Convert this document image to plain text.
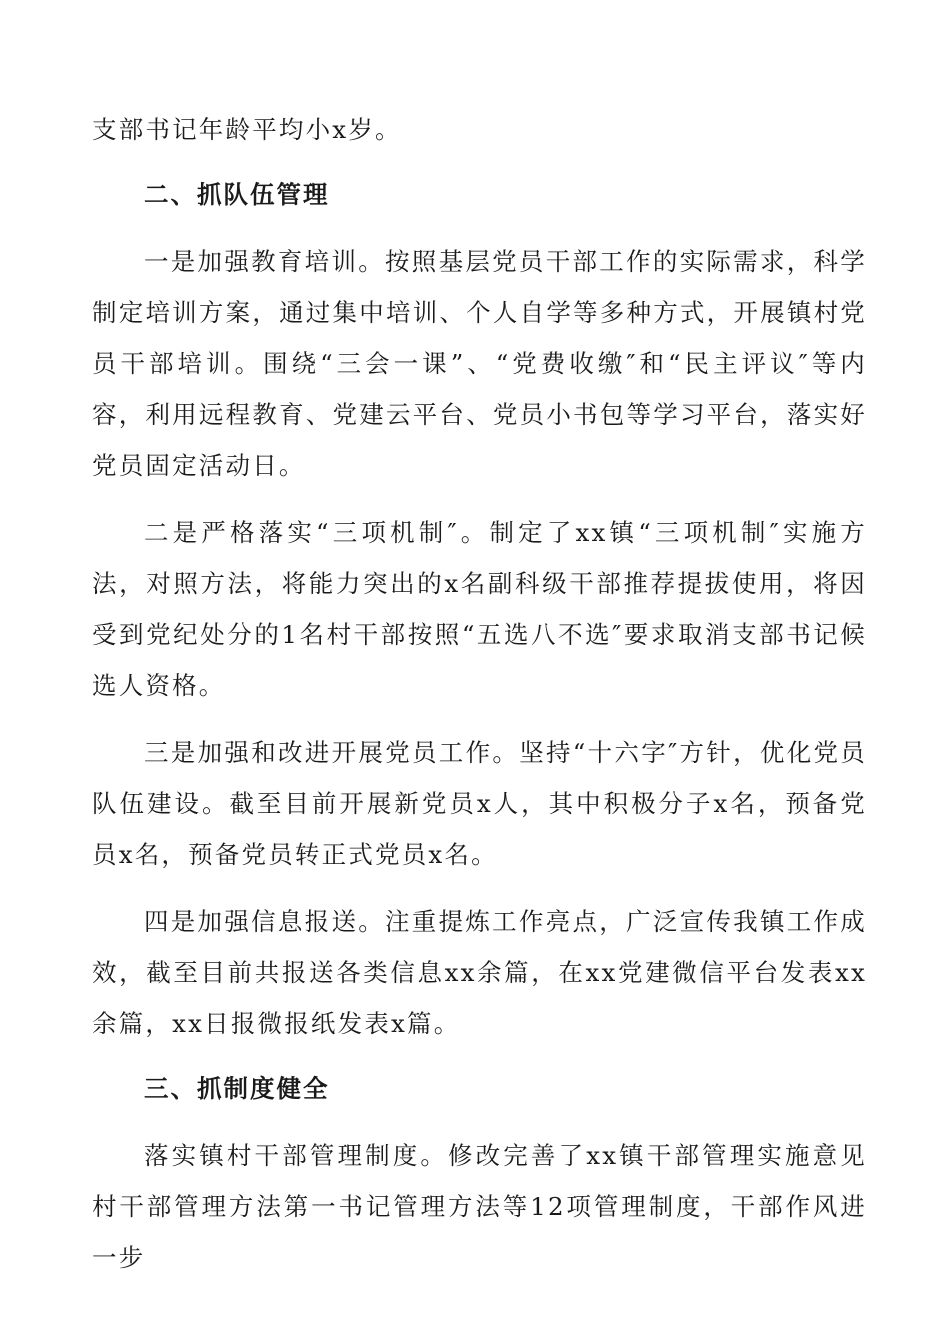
支部书记年龄平均小x岁。

二、抓队伍管理

一是加强教育培训。按照基层党员干部工作的实际需求，科学制定培训方案，通过集中培训、个人自学等多种方式，开展镇村党员干部培训。围绕“三会一课”、“党费收缴″和“民主评议″等内容，利用远程教育、党建云平台、党员小书包等学习平台，落实好党员固定活动日。

二是严格落实“三项机制″。制定了xx镇“三项机制″实施方法，对照方法，将能力突出的x名副科级干部推荐提拔使用，将因受到党纪处分的1名村干部按照“五选八不选″要求取消支部书记候选人资格。

三是加强和改进开展党员工作。坚持“十六字″方针，优化党员队伍建设。截至目前开展新党员x人，其中积极分子x名，预备党员x名，预备党员转正式党员x名。

四是加强信息报送。注重提炼工作亮点，广泛宣传我镇工作成效，截至目前共报送各类信息xx余篇，在xx党建微信平台发表xx余篇，xx日报微报纸发表x篇。

三、抓制度健全

落实镇村干部管理制度。修改完善了xx镇干部管理实施意见村干部管理方法第一书记管理方法等12项管理制度，干部作风进一步
